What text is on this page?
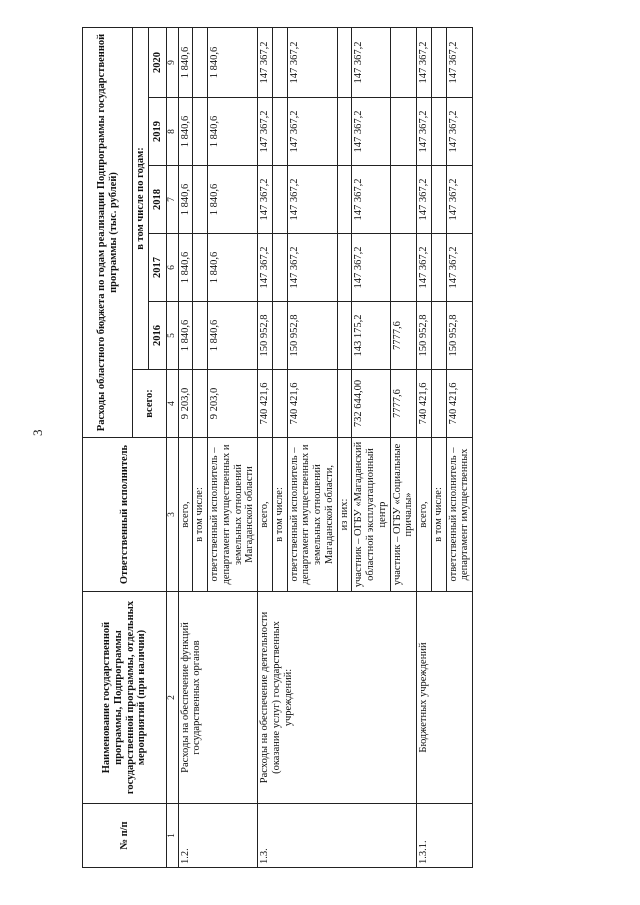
3
№ п/п	Наименование государственной программы, Подпрограммы государственной программы, отдельных мероприятий (при наличии)	Ответственный исполнитель	Расходы областного бюджета по годам реализации Подпрограммы государственной программы (тыс. рублей)					
			всего:	в том числе по годам:				
				2016	2017	2018	2019	2020
1	2	3	4	5	6	7	8	9
1.2.	Расходы на обеспечение функций государственных органов	всего,	9 203,0	1 840,6	1 840,6	1 840,6	1 840,6	1 840,6
		в том числе:						
		ответственный исполнитель – департамент имущественных и земельных отношений Магаданской области	9 203,0	1 840,6	1 840,6	1 840,6	1 840,6	1 840,6
1.3.	Расходы на обеспечение деятельности (оказание услуг) государственных учреждений:	всего,	740 421,6	150 952,8	147 367,2	147 367,2	147 367,2	147 367,2
		в том числе:						
		ответственный исполнитель – департамент имущественных и земельных отношений Магаданской области,	740 421,6	150 952,8	147 367,2	147 367,2	147 367,2	147 367,2
		из них:						
		участник – ОГБУ «Магаданский областной эксплуатационный центр	732 644,00	143 175,2	147 367,2	147 367,2	147 367,2	147 367,2
		участник – ОГБУ «Социальные причалы»	7777,6	7777,6				
1.3.1.	Бюджетных учреждений	всего,	740 421,6	150 952,8	147 367,2	147 367,2	147 367,2	147 367,2
		в том числе:						
		ответственный исполнитель – департамент имущественных	740 421,6	150 952,8	147 367,2	147 367,2	147 367,2	147 367,2
